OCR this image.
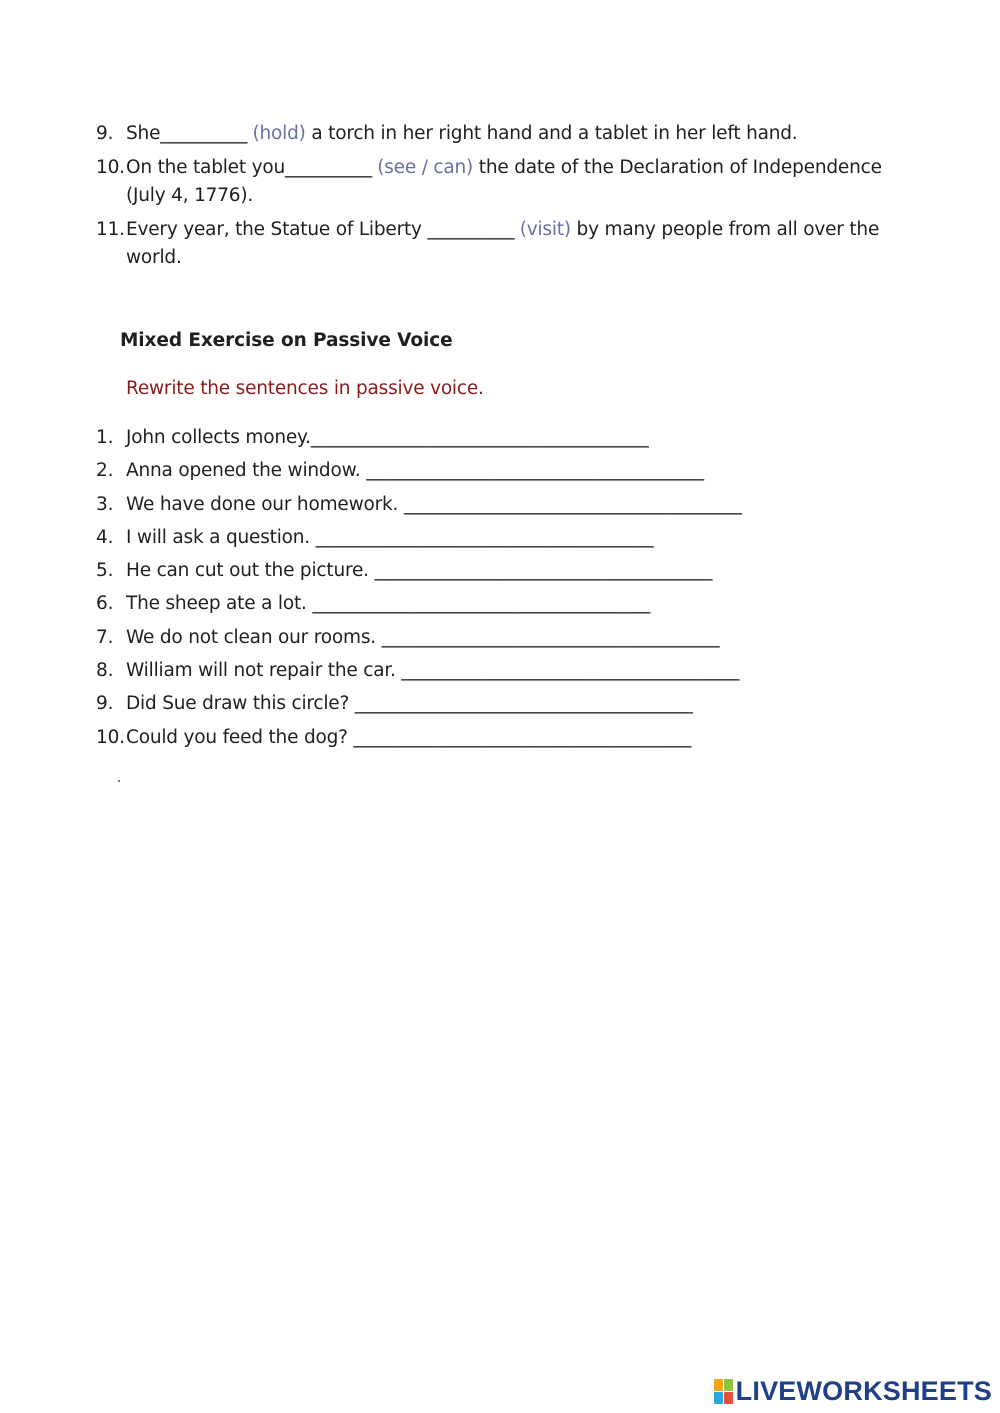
9. She__________ (hold) a torch in her right hand and a tablet in her left hand.
10. On the tablet you__________ (see / can) the date of the Declaration of Independence (July 4, 1776).
11. Every year, the Statue of Liberty __________ (visit) by many people from all over the world.
Mixed Exercise on Passive Voice

Rewrite the sentences in passive voice.

1. John collects money._______________________________________
2. Anna opened the window. _______________________________________
3. We have done our homework. _______________________________________
4. I will ask a question. _______________________________________
5. He can cut out the picture. _______________________________________
6. The sheep ate a lot. _______________________________________
7. We do not clean our rooms. _______________________________________
8. William will not repair the car. _______________________________________
9. Did Sue draw this circle? _______________________________________
10. Could you feed the dog? _______________________________________
LIVEWORKSHEETS
